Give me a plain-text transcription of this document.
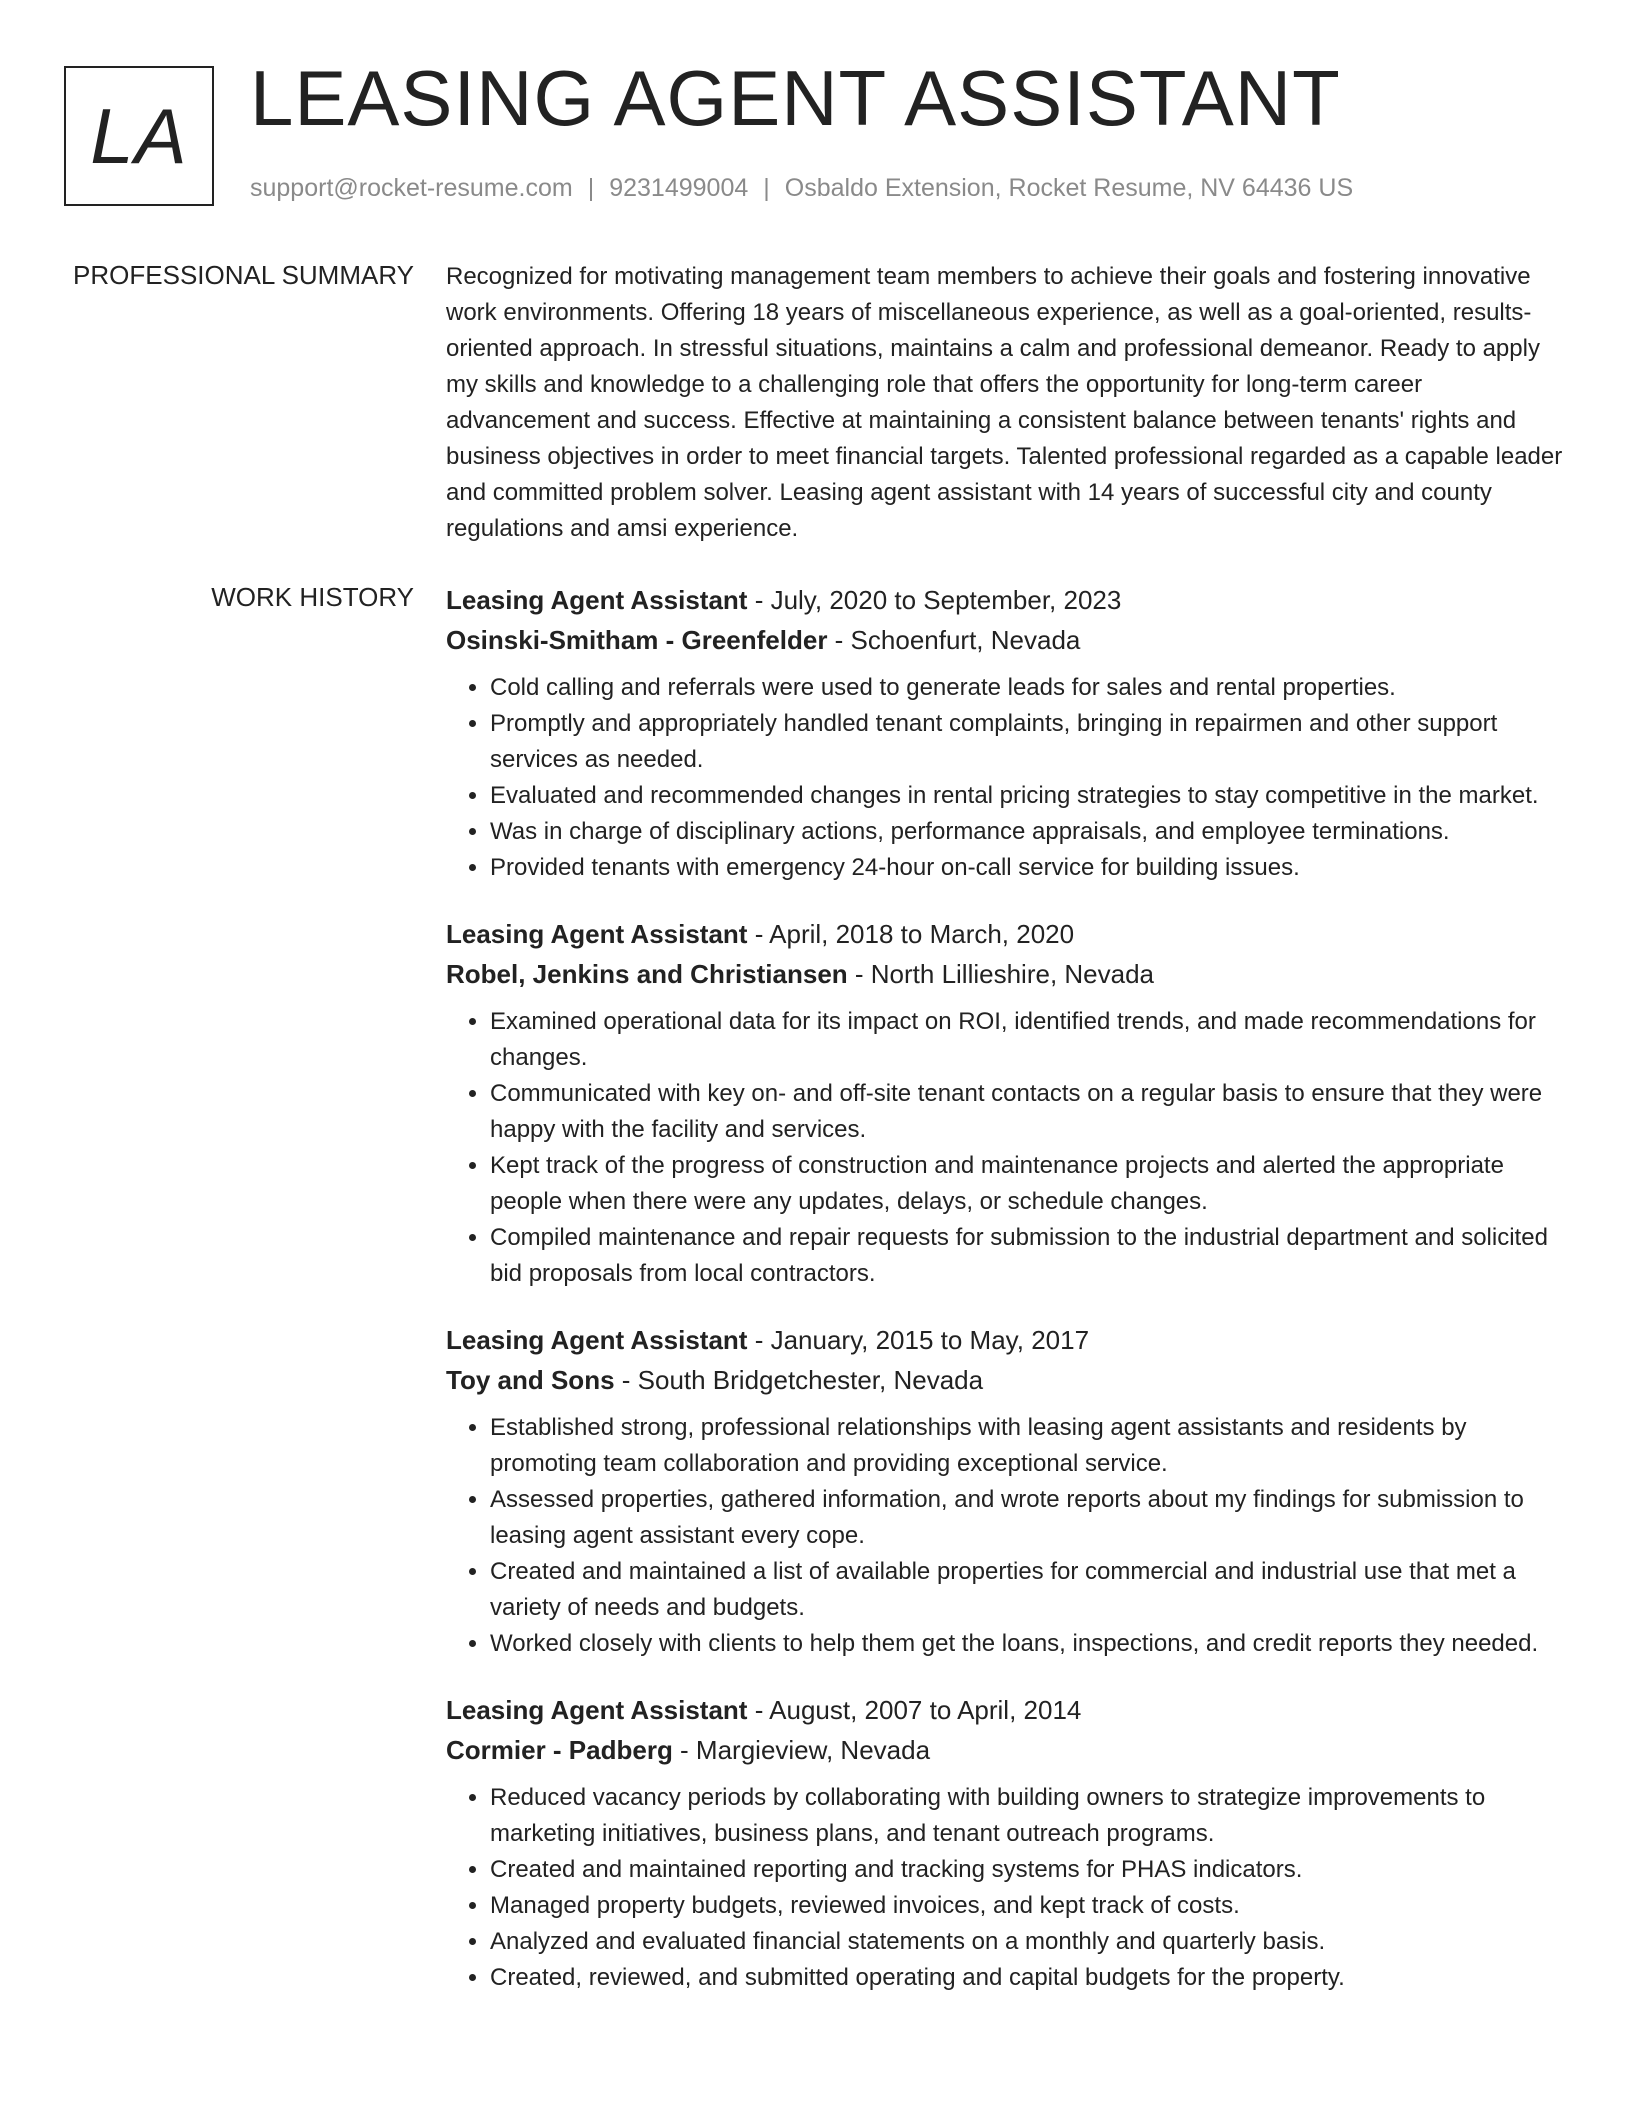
LA LEASING AGENT ASSISTANT
support@rocket-resume.com | 9231499004 | Osbaldo Extension, Rocket Resume, NV 64436 US
PROFESSIONAL SUMMARY Recognized for motivating management team members to achieve their goals and fostering innovative work environments. Offering 18 years of miscellaneous experience, as well as a goal-oriented, results-oriented approach. In stressful situations, maintains a calm and professional demeanor. Ready to apply my skills and knowledge to a challenging role that offers the opportunity for long-term career advancement and success. Effective at maintaining a consistent balance between tenants' rights and business objectives in order to meet financial targets. Talented professional regarded as a capable leader and committed problem solver. Leasing agent assistant with 14 years of successful city and county regulations and amsi experience.

WORK HISTORY Leasing Agent Assistant - July, 2020 to September, 2023
Osinski-Smitham - Greenfelder - Schoenfurt, Nevada
• Cold calling and referrals were used to generate leads for sales and rental properties.
• Promptly and appropriately handled tenant complaints, bringing in repairmen and other support services as needed.
• Evaluated and recommended changes in rental pricing strategies to stay competitive in the market.
• Was in charge of disciplinary actions, performance appraisals, and employee terminations.
• Provided tenants with emergency 24-hour on-call service for building issues.
Leasing Agent Assistant - April, 2018 to March, 2020
Robel, Jenkins and Christiansen - North Lillieshire, Nevada
• Examined operational data for its impact on ROI, identified trends, and made recommendations for changes.
• Communicated with key on- and off-site tenant contacts on a regular basis to ensure that they were happy with the facility and services.
• Kept track of the progress of construction and maintenance projects and alerted the appropriate people when there were any updates, delays, or schedule changes.
• Compiled maintenance and repair requests for submission to the industrial department and solicited bid proposals from local contractors.
Leasing Agent Assistant - January, 2015 to May, 2017
Toy and Sons - South Bridgetchester, Nevada
• Established strong, professional relationships with leasing agent assistants and residents by promoting team collaboration and providing exceptional service.
• Assessed properties, gathered information, and wrote reports about my findings for submission to leasing agent assistant every cope.
• Created and maintained a list of available properties for commercial and industrial use that met a variety of needs and budgets.
• Worked closely with clients to help them get the loans, inspections, and credit reports they needed.
Leasing Agent Assistant - August, 2007 to April, 2014
Cormier - Padberg - Margieview, Nevada
• Reduced vacancy periods by collaborating with building owners to strategize improvements to marketing initiatives, business plans, and tenant outreach programs.
• Created and maintained reporting and tracking systems for PHAS indicators.
• Managed property budgets, reviewed invoices, and kept track of costs.
• Analyzed and evaluated financial statements on a monthly and quarterly basis.
• Created, reviewed, and submitted operating and capital budgets for the property.
